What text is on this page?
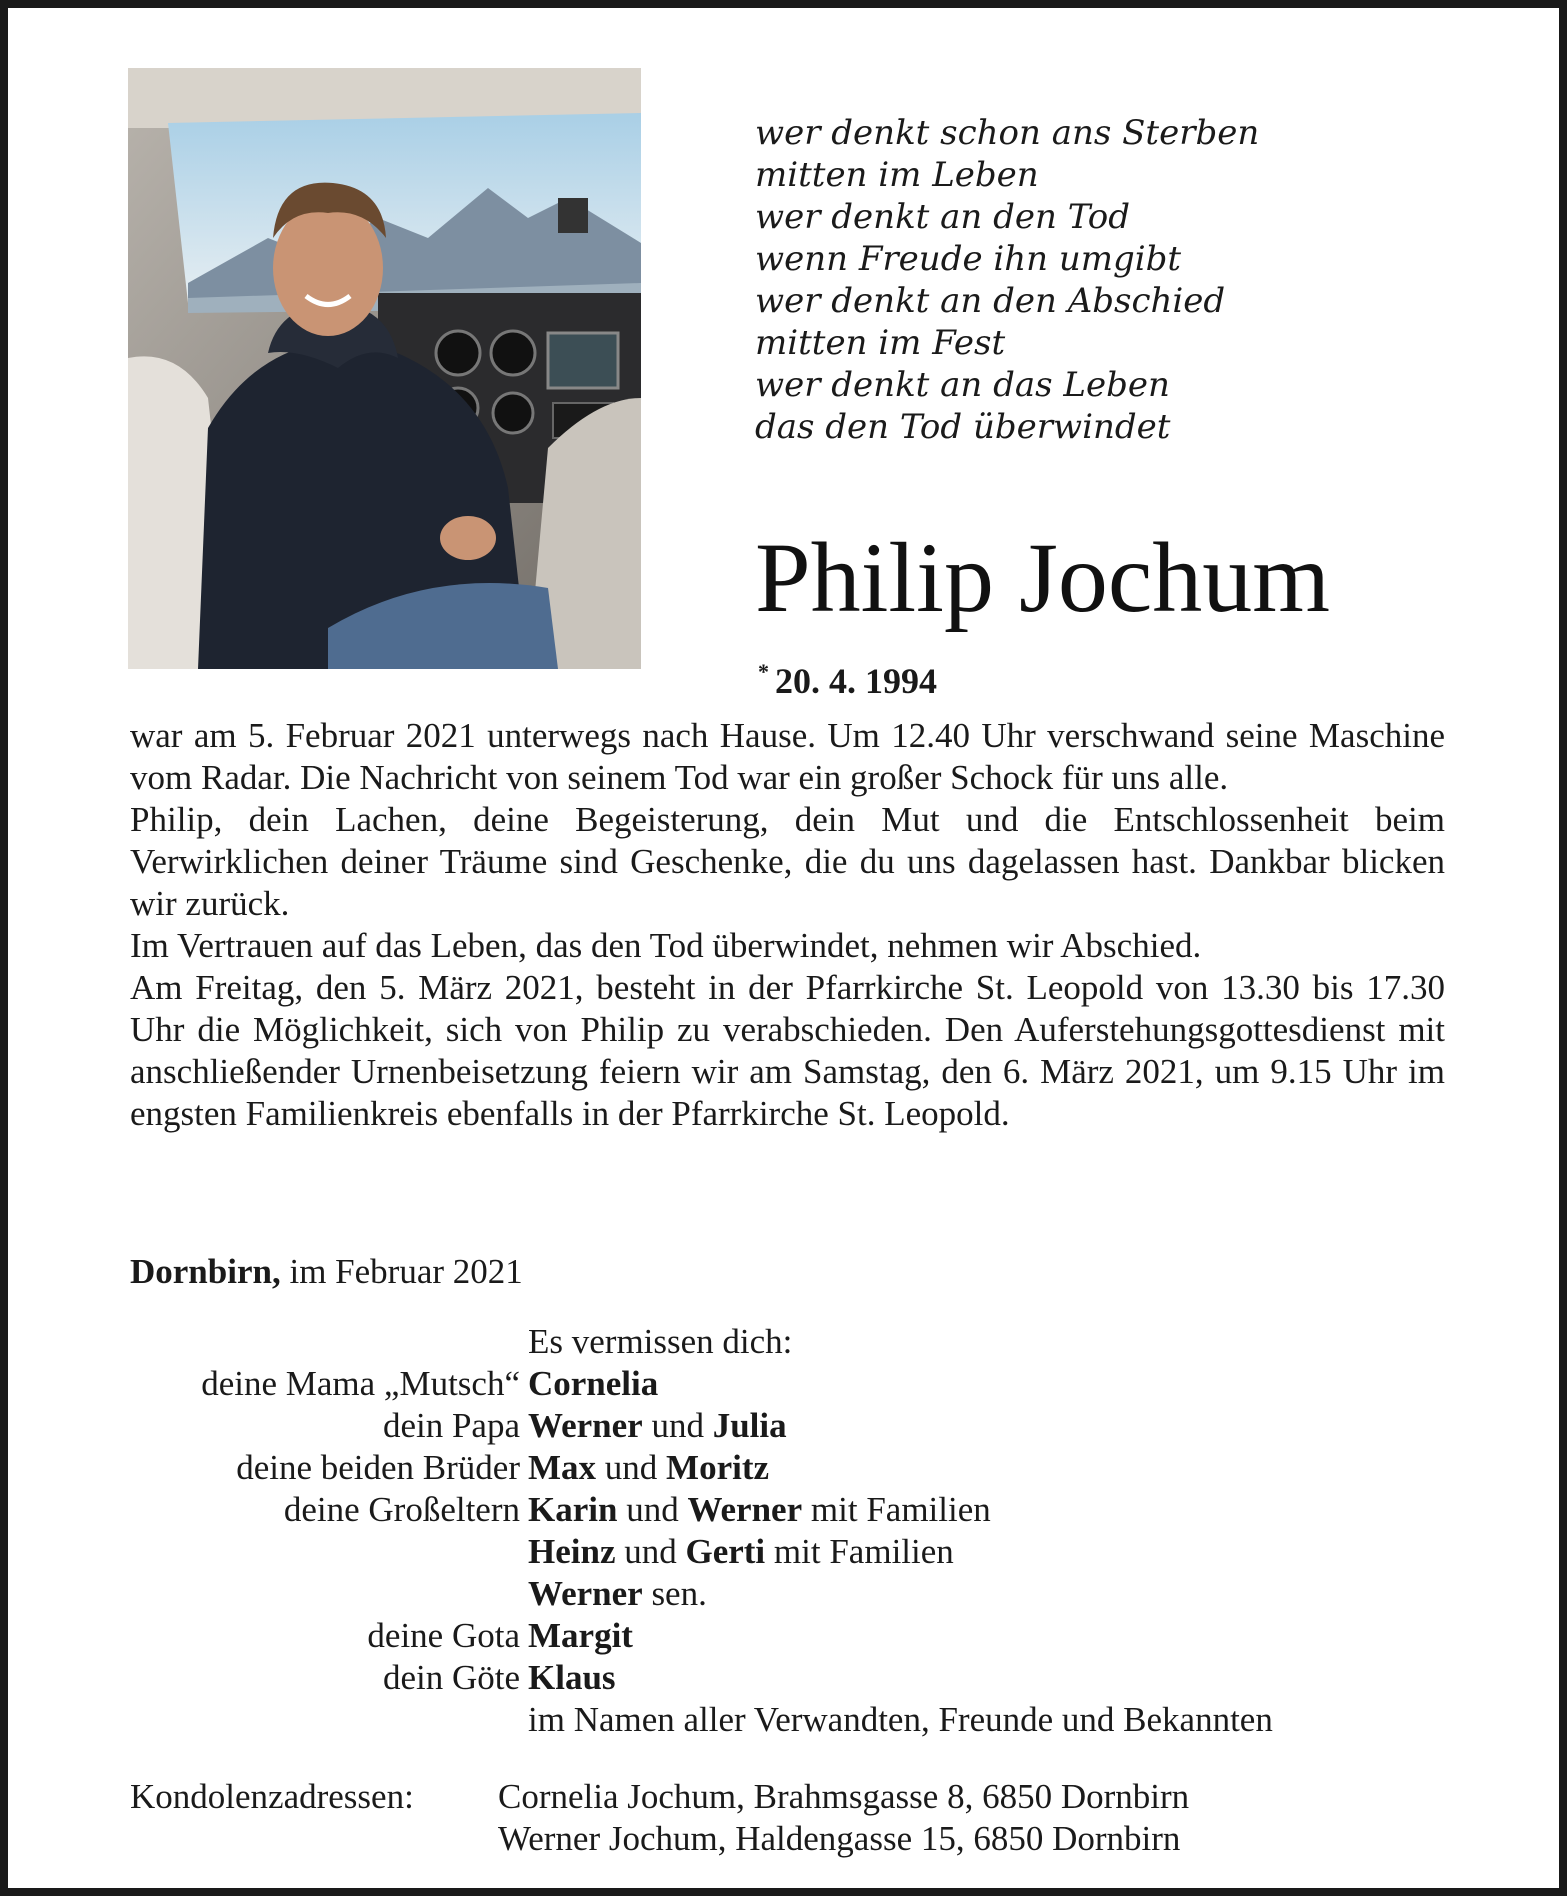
wer denkt schon ans Sterben
mitten im Leben
wer denkt an den Tod
wenn Freude ihn umgibt
wer denkt an den Abschied
mitten im Fest
wer denkt an das Leben
das den Tod überwindet
Philip Jochum
* 20. 4. 1994

war am 5. Februar 2021 unterwegs nach Hause. Um 12.40 Uhr verschwand seine Maschine vom Radar. Die Nachricht von seinem Tod war ein großer Schock für uns alle.

Philip, dein Lachen, deine Begeisterung, dein Mut und die Entschlossenheit beim Verwirklichen deiner Träume sind Geschenke, die du uns dagelassen hast. Dankbar blicken wir zurück.

Im Vertrauen auf das Leben, das den Tod überwindet, nehmen wir Abschied.

Am Freitag, den 5. März 2021, besteht in der Pfarrkirche St. Leopold von 13.30 bis 17.30 Uhr die Möglichkeit, sich von Philip zu verabschieden. Den Auferstehungsgottesdienst mit anschließender Urnenbeisetzung feiern wir am Samstag, den 6. März 2021, um 9.15 Uhr im engsten Familienkreis ebenfalls in der Pfarrkirche St. Leopold.

Dornbirn, im Februar 2021
Es vermissen dich:
deine Mama „Mutsch“ Cornelia
dein Papa Werner und Julia
deine beiden Brüder Max und Moritz
deine Großeltern Karin und Werner mit Familien
Heinz und Gerti mit Familien
Werner sen.
deine Gota Margit
dein Göte Klaus
im Namen aller Verwandten, Freunde und Bekannten
Kondolenzadressen:	Cornelia Jochum, Brahmsgasse 8, 6850 Dornbirn
Werner Jochum, Haldengasse 15, 6850 Dornbirn
